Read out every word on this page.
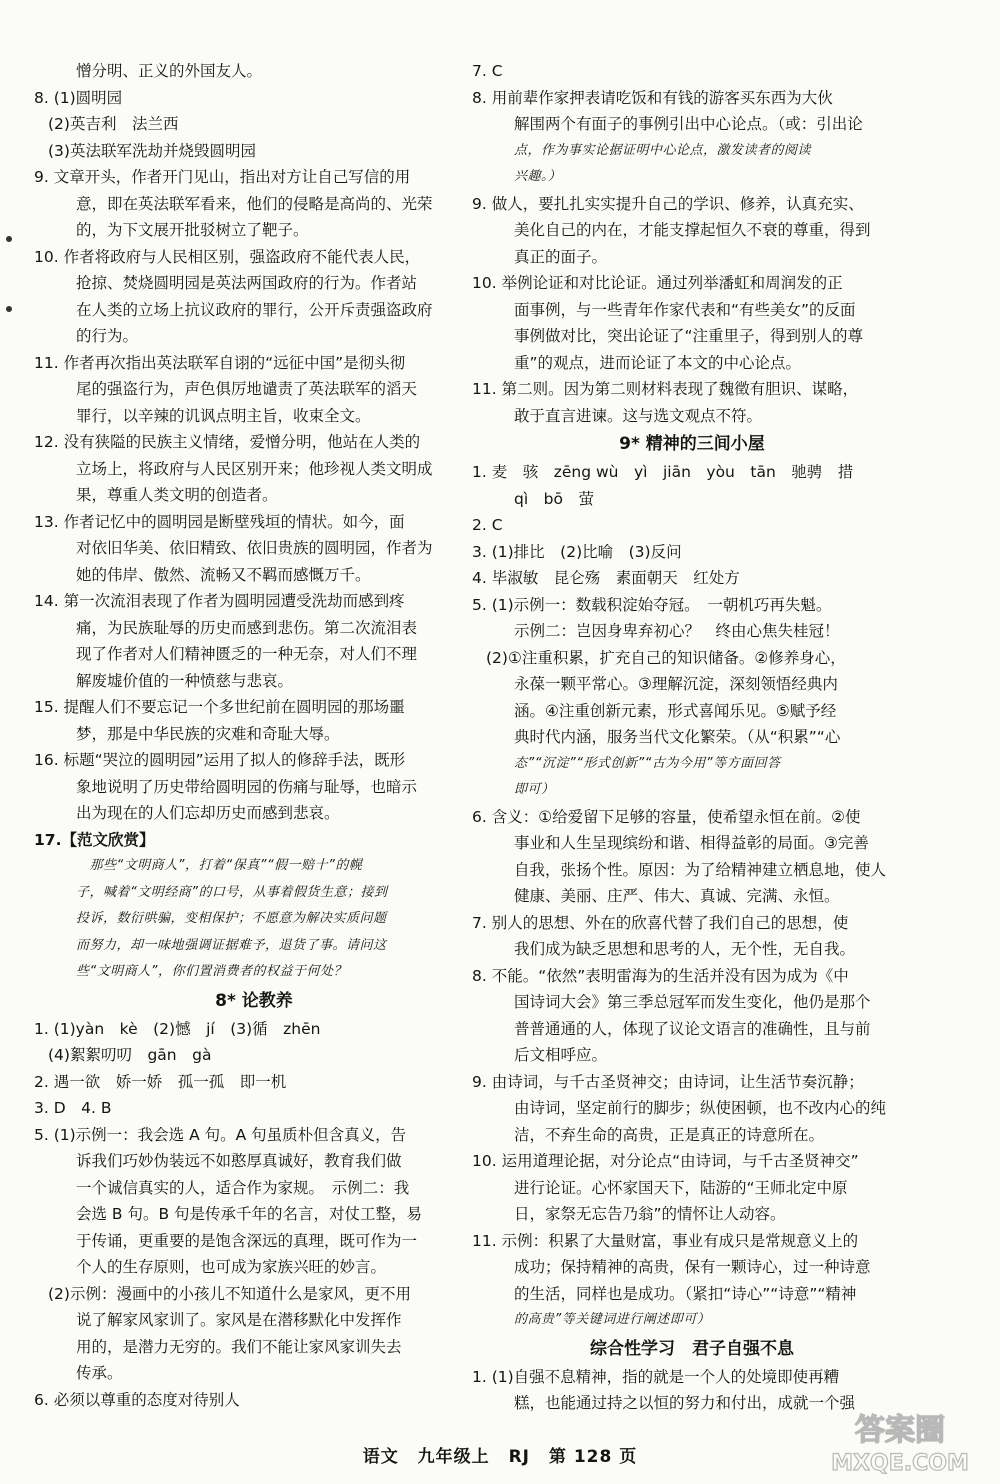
憎分明、正义的外国友人。
8. (1)圆明园
(2)英吉利　法兰西
(3)英法联军洗劫并烧毁圆明园
9. 文章开头，作者开门见山，指出对方让自己写信的用
意，即在英法联军看来，他们的侵略是高尚的、光荣
的，为下文展开批驳树立了靶子。
10. 作者将政府与人民相区别，强盗政府不能代表人民，
抢掠、焚烧圆明园是英法两国政府的行为。作者站
在人类的立场上抗议政府的罪行，公开斥责强盗政府
的行为。
11. 作者再次指出英法联军自诩的“远征中国”是彻头彻
尾的强盗行为，声色俱厉地谴责了英法联军的滔天
罪行，以辛辣的讥讽点明主旨，收束全文。
12. 没有狭隘的民族主义情绪，爱憎分明，他站在人类的
立场上，将政府与人民区别开来；他珍视人类文明成
果，尊重人类文明的创造者。
13. 作者记忆中的圆明园是断壁残垣的情状。如今，面
对依旧华美、依旧精致、依旧贵族的圆明园，作者为
她的伟岸、傲然、流畅又不羁而感慨万千。
14. 第一次流泪表现了作者为圆明园遭受洗劫而感到疼
痛，为民族耻辱的历史而感到悲伤。第二次流泪表
现了作者对人们精神匮乏的一种无奈，对人们不理
解废墟价值的一种愤慈与悲哀。
15. 提醒人们不要忘记一个多世纪前在圆明园的那场噩
梦，那是中华民族的灾难和奇耻大辱。
16. 标题“哭泣的圆明园”运用了拟人的修辞手法，既形
象地说明了历史带给圆明园的伤痛与耻辱，也暗示
出为现在的人们忘却历史而感到悲哀。
17.【范文欣赏】
　那些“文明商人”，打着“保真”“假一赔十”的幌
子，喊着“文明经商”的口号，从事着假货生意；接到
投诉，数衍哄骗，变相保护；不愿意为解决实质问题
而努力，却一味地强调证据难予，退货了事。请问这
些“文明商人”，你们置消费者的权益于何处？
8* 论教养
1. (1)yàn　kè　(2)憾　jí　(3)循　zhēn
(4)絮絮叨叨　gān　gà
2. 遇一欲　娇一娇　孤一孤　即一机
3. D　4. B
5. (1)示例一：我会选 A 句。A 句虽质朴但含真义，告
诉我们巧妙伪装远不如憨厚真诚好，教育我们做
一个诚信真实的人，适合作为家规。　示例二：我
会选 B 句。B 句是传承千年的名言，对仗工整，易
于传诵，更重要的是饱含深远的真理，既可作为一
个人的生存原则，也可成为家族兴旺的妙言。
(2)示例：漫画中的小孩儿不知道什么是家风，更不用
说了解家风家训了。家风是在潜移默化中发挥作
用的，是潜力无穷的。我们不能让家风家训失去
传承。
6. 必须以尊重的态度对待别人
7. C
8. 用前辈作家押表请吃饭和有钱的游客买东西为大伙
解围两个有面子的事例引出中心论点。（或：引出论
点，作为事实论据证明中心论点，激发读者的阅读
兴趣。）
9. 做人，要扎扎实实提升自己的学识、修养，认真充实、
美化自己的内在，才能支撑起恒久不衰的尊重，得到
真正的面子。
10. 举例论证和对比论证。通过列举潘虹和周润发的正
面事例，与一些青年作家代表和“有些美女”的反面
事例做对比，突出论证了“注重里子，得到别人的尊
重”的观点，进而论证了本文的中心论点。
11. 第二则。因为第二则材料表现了魏徵有胆识、谋略，
敢于直言进谏。这与选文观点不符。
9* 精神的三间小屋
1. 麦　骇　zēng wù　yì　jiān　yòu　tān　驰骋　措
qì　bō　萤
2. C
3. (1)排比　(2)比喻　(3)反问
4. 毕淑敏　昆仑殇　素面朝天　红处方
5. (1)示例一：数载积淀始夺冠。　一朝机巧再失魁。
示例二：岂因身卑弃初心？　终由心焦失桂冠！
(2)①注重积累，扩充自己的知识储备。②修养身心，
永葆一颗平常心。③理解沉淀，深刻领悟经典内
涵。④注重创新元素，形式喜闻乐见。⑤赋予经
典时代内涵，服务当代文化繁荣。（从“积累”“心
态”“沉淀”“形式创新”“古为今用”等方面回答
即可）
6. 含义：①给爱留下足够的容量，使希望永恒在前。②使
事业和人生呈现缤纷和谐、相得益彰的局面。③完善
自我，张扬个性。原因：为了给精神建立栖息地，使人
健康、美丽、庄严、伟大、真诚、完满、永恒。
7. 别人的思想、外在的欣喜代替了我们自己的思想，使
我们成为缺乏思想和思考的人，无个性，无自我。
8. 不能。“依然”表明雷海为的生活并没有因为成为《中
国诗词大会》第三季总冠军而发生变化，他仍是那个
普普通通的人，体现了议论文语言的准确性，且与前
后文相呼应。
9. 由诗词，与千古圣贤神交；由诗词，让生活节奏沉静；
由诗词，坚定前行的脚步；纵使困顿，也不改内心的纯
洁，不弃生命的高贵，正是真正的诗意所在。
10. 运用道理论据，对分论点“由诗词，与千古圣贤神交”
进行论证。心怀家国天下，陆游的“王师北定中原
日，家祭无忘告乃翁”的情怀让人动容。
11. 示例：积累了大量财富，事业有成只是常规意义上的
成功；保持精神的高贵，保有一颗诗心，过一种诗意
的生活，同样也是成功。（紧扣“诗心”“诗意”“精神
的高贵”等关键词进行阐述即可）
综合性学习　君子自强不息
1. (1)自强不息精神，指的就是一个人的处境即使再糟
糕，也能通过持之以恒的努力和付出，成就一个强
语文 九年级上 RJ 第 128 页
答案圈
MXQE.COM
